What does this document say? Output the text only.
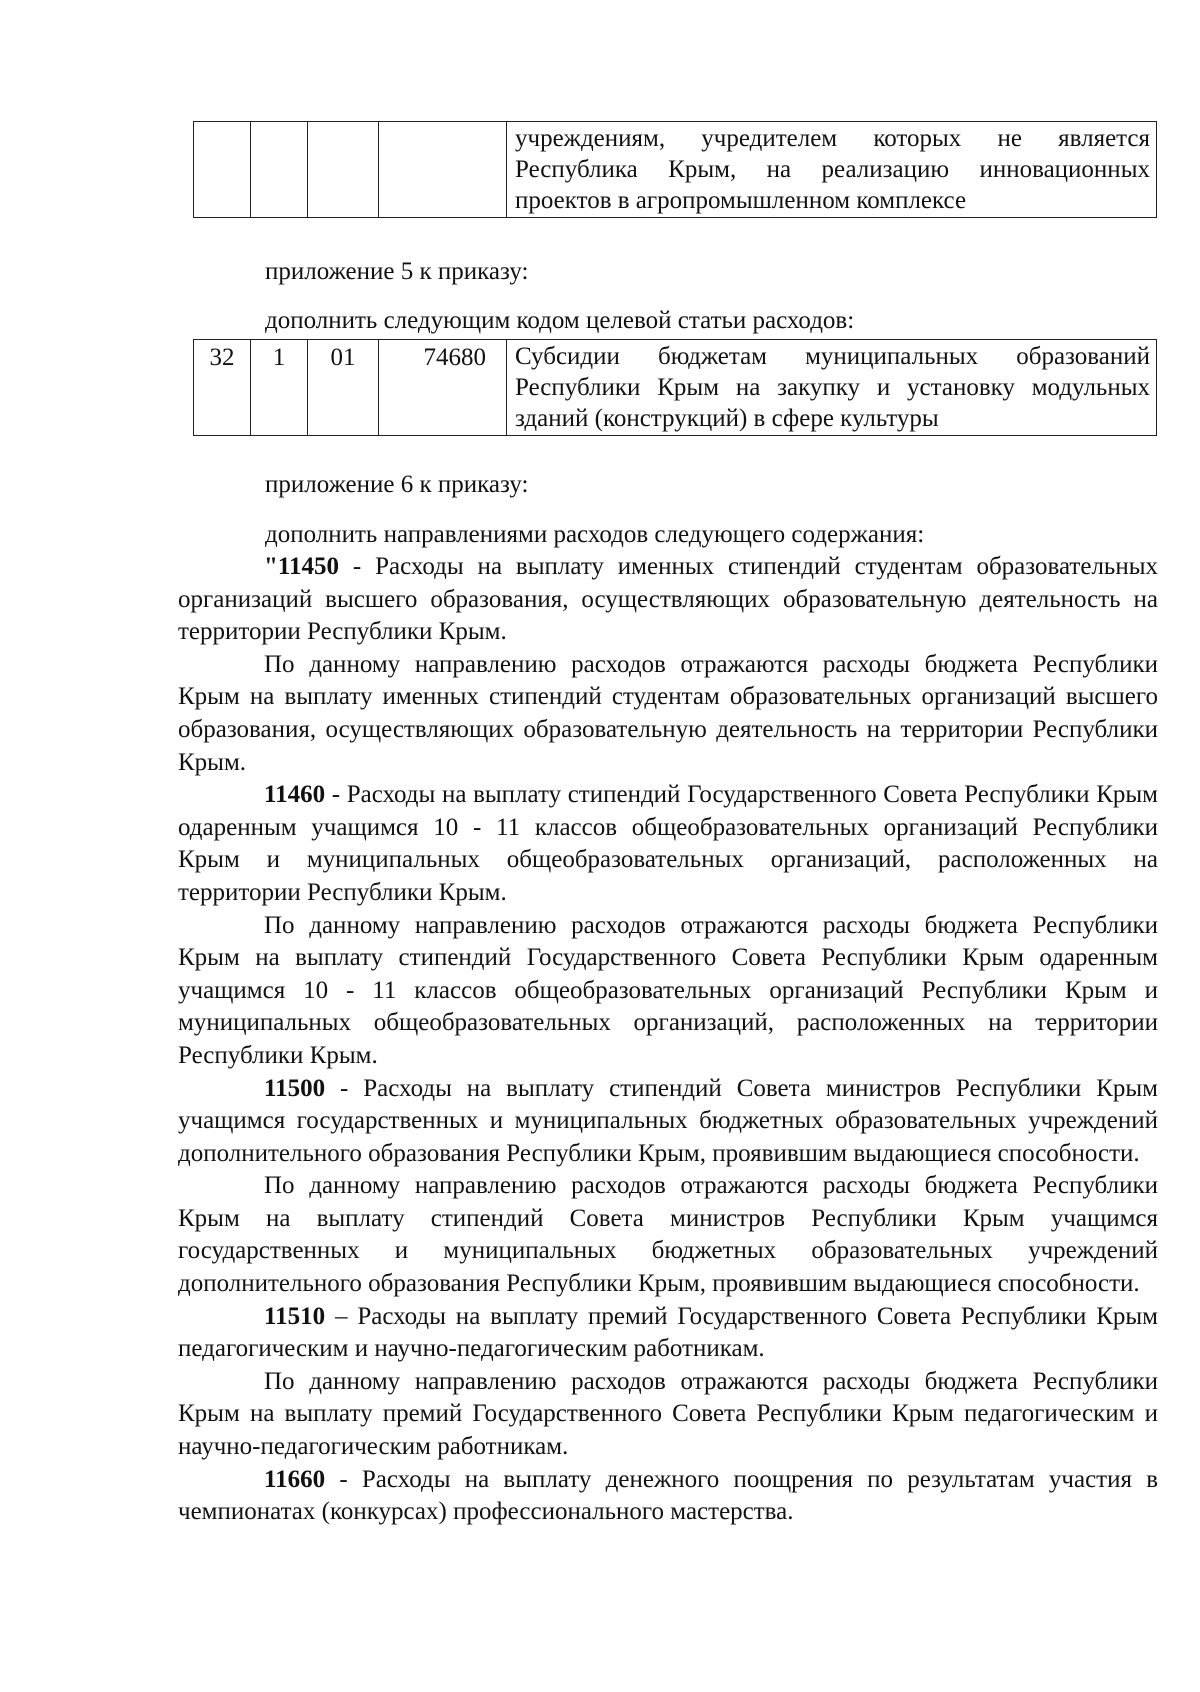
				учреждениям, учредителем которых не является Республика Крым, на реализацию инновационных проектов в агропромышленном комплексе
приложение 5 к приказу:
дополнить следующим кодом целевой статьи расходов:
32	1	01	74680	Субсидии бюджетам муниципальных образований Республики Крым на закупку и установку модульных зданий (конструкций) в сфере культуры
приложение 6 к приказу:
дополнить направлениями расходов следующего содержания:

"11450 - Расходы на выплату именных стипендий студентам образовательных организаций высшего образования, осуществляющих образовательную деятельность на территории Республики Крым.

По данному направлению расходов отражаются расходы бюджета Республики Крым на выплату именных стипендий студентам образовательных организаций высшего образования, осуществляющих образовательную деятельность на территории Республики Крым.

11460 - Расходы на выплату стипендий Государственного Совета Республики Крым одаренным учащимся 10 - 11 классов общеобразовательных организаций Республики Крым и муниципальных общеобразовательных организаций, расположенных на территории Республики Крым.

По данному направлению расходов отражаются расходы бюджета Республики Крым на выплату стипендий Государственного Совета Республики Крым одаренным учащимся 10 - 11 классов общеобразовательных организаций Республики Крым и муниципальных общеобразовательных организаций, расположенных на территории Республики Крым.

11500 - Расходы на выплату стипендий Совета министров Республики Крым учащимся государственных и муниципальных бюджетных образовательных учреждений дополнительного образования Республики Крым, проявившим выдающиеся способности.

По данному направлению расходов отражаются расходы бюджета Республики Крым на выплату стипендий Совета министров Республики Крым учащимся государственных и муниципальных бюджетных образовательных учреждений дополнительного образования Республики Крым, проявившим выдающиеся способности.

11510 – Расходы на выплату премий Государственного Совета Республики Крым педагогическим и научно-педагогическим работникам.

По данному направлению расходов отражаются расходы бюджета Республики Крым на выплату премий Государственного Совета Республики Крым педагогическим и научно-педагогическим работникам.

11660 - Расходы на выплату денежного поощрения по результатам участия в чемпионатах (конкурсах) профессионального мастерства.
